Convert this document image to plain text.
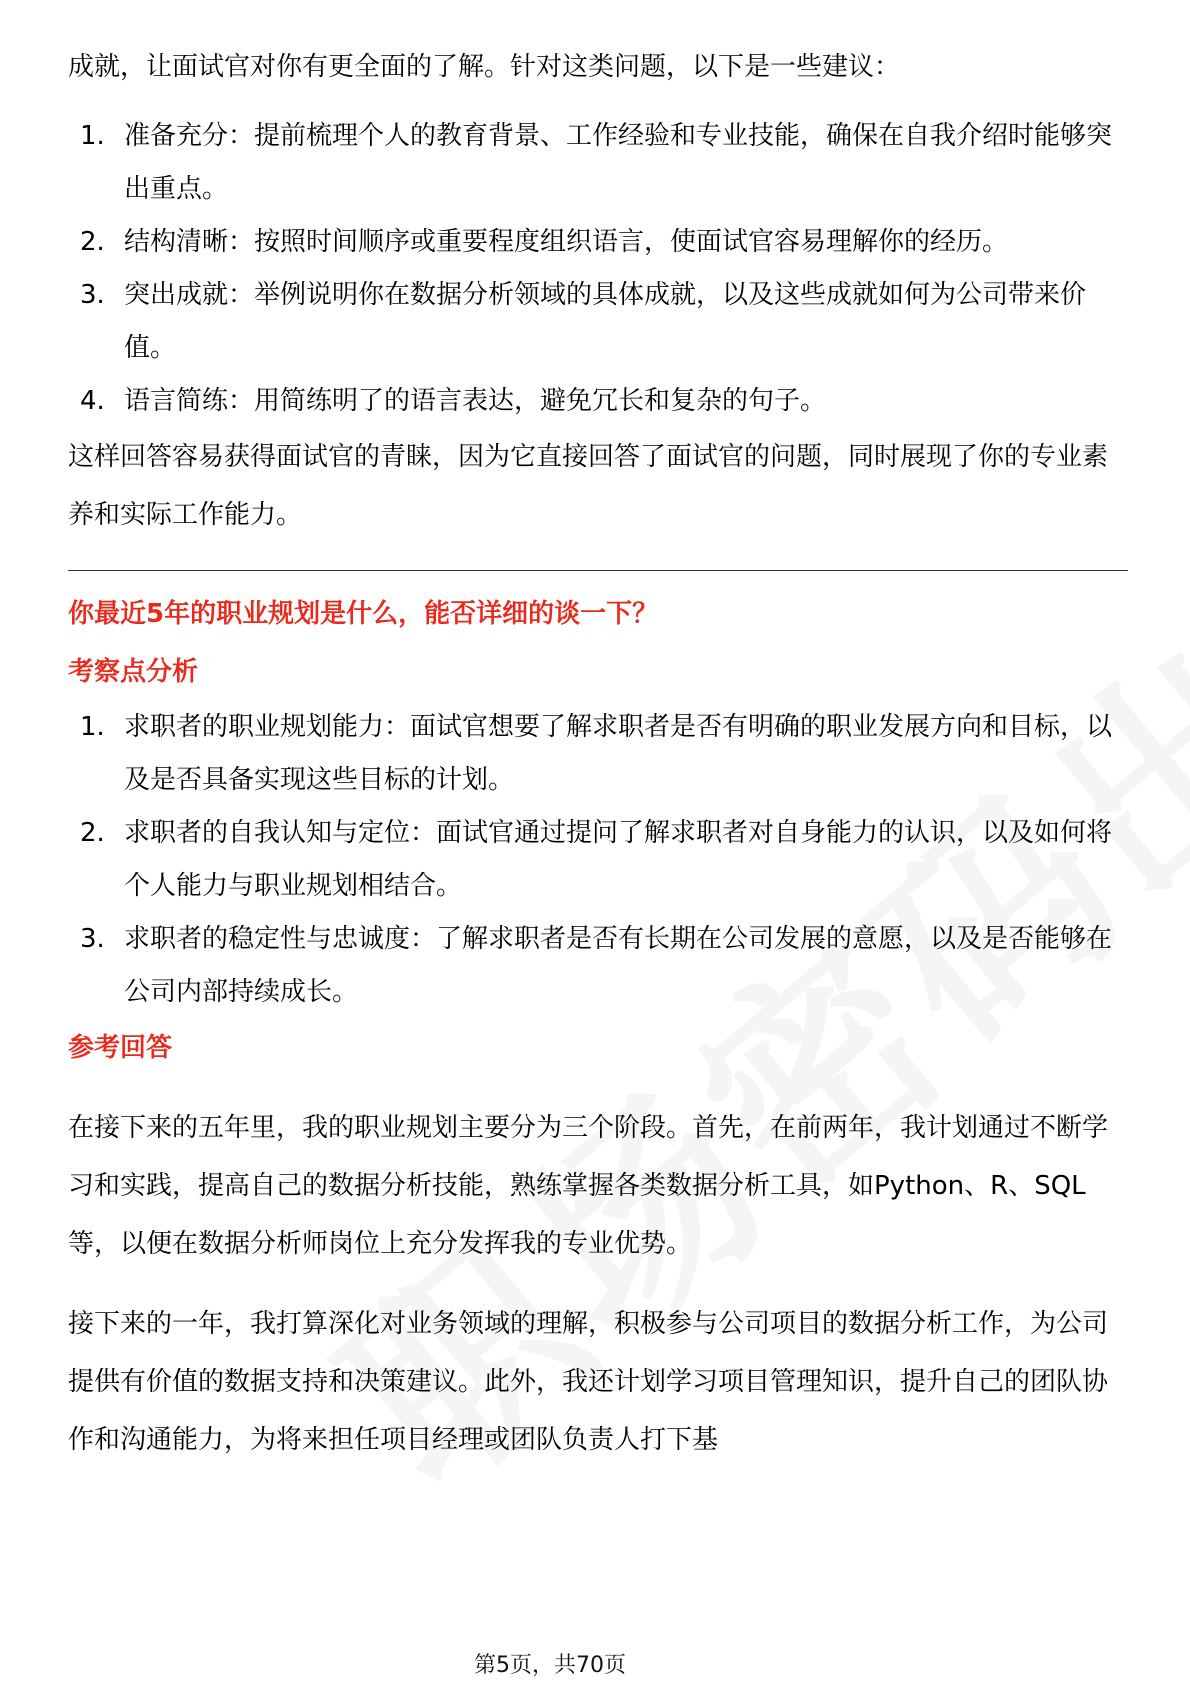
成就，让面试官对你有更全面的了解。针对这类问题，以下是一些建议：

1. 准备充分：提前梳理个人的教育背景、工作经验和专业技能，确保在自我介绍时能够突出重点。
2. 结构清晰：按照时间顺序或重要程度组织语言，使面试官容易理解你的经历。
3. 突出成就：举例说明你在数据分析领域的具体成就，以及这些成就如何为公司带来价值。
4. 语言简练：用简练明了的语言表达，避免冗长和复杂的句子。

这样回答容易获得面试官的青睐，因为它直接回答了面试官的问题，同时展现了你的专业素养和实际工作能力。

你最近5年的职业规划是什么，能否详细的谈一下？

考察点分析

1. 求职者的职业规划能力：面试官想要了解求职者是否有明确的职业发展方向和目标，以及是否具备实现这些目标的计划。
2. 求职者的自我认知与定位：面试官通过提问了解求职者对自身能力的认识，以及如何将个人能力与职业规划相结合。
3. 求职者的稳定性与忠诚度：了解求职者是否有长期在公司发展的意愿，以及是否能够在公司内部持续成长。

参考回答

在接下来的五年里，我的职业规划主要分为三个阶段。首先，在前两年，我计划通过不断学习和实践，提高自己的数据分析技能，熟练掌握各类数据分析工具，如Python、R、SQL等，以便在数据分析师岗位上充分发挥我的专业优势。

接下来的一年，我打算深化对业务领域的理解，积极参与公司项目的数据分析工作，为公司提供有价值的数据支持和决策建议。此外，我还计划学习项目管理知识，提升自己的团队协作和沟通能力，为将来担任项目经理或团队负责人打下基

第5页，共70页
